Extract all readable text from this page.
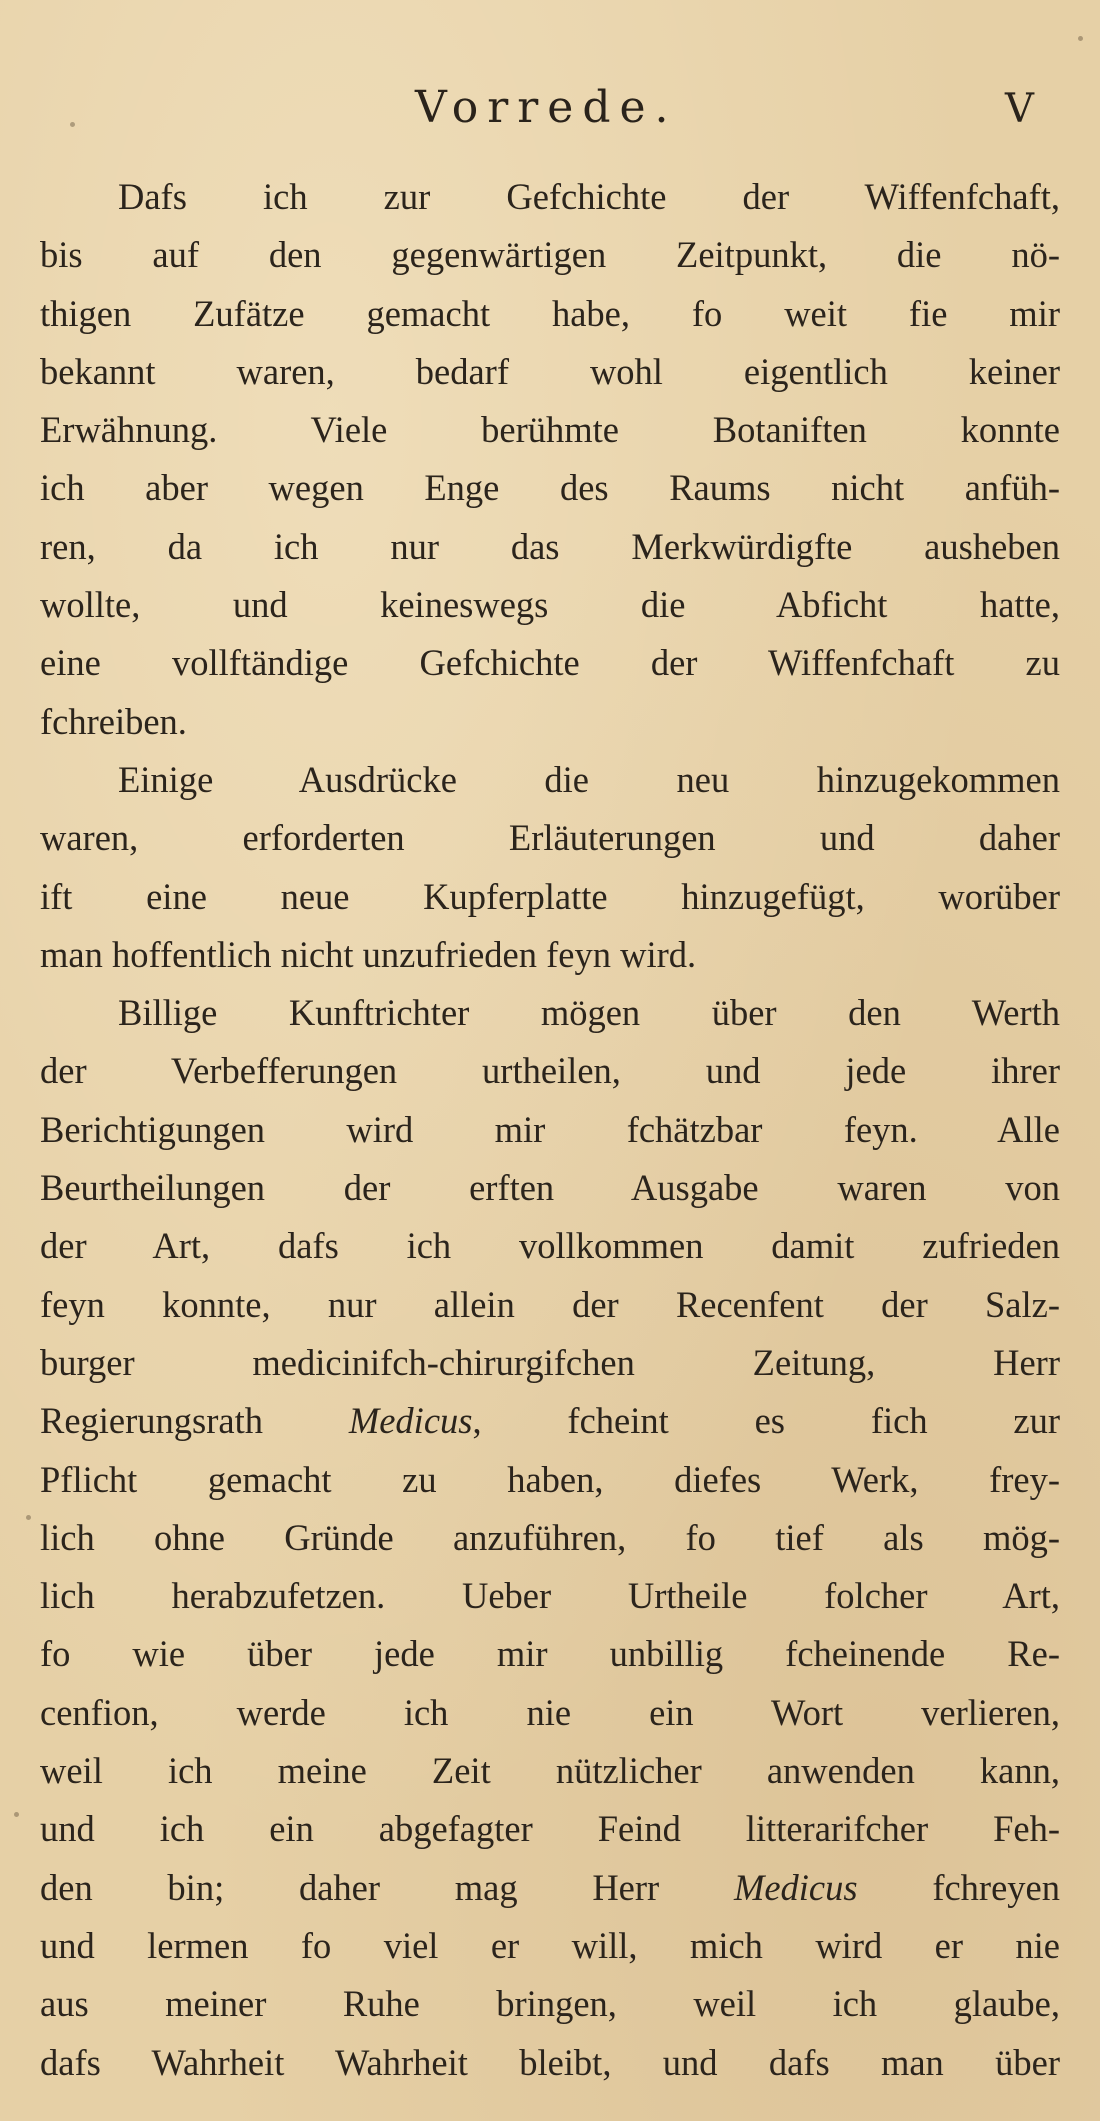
Vorrede.	V
Dafs ich zur Gefchichte der Wiffenfchaft,
bis auf den gegenwärtigen Zeitpunkt, die nö-
thigen Zufätze gemacht habe, fo weit fie mir
bekannt waren, bedarf wohl eigentlich keiner
Erwähnung. Viele berühmte Botaniften konnte
ich aber wegen Enge des Raums nicht anfüh-
ren, da ich nur das Merkwürdigfte ausheben
wollte, und keineswegs die Abficht hatte,
eine vollftändige Gefchichte der Wiffenfchaft zu
fchreiben.
Einige Ausdrücke die neu hinzugekommen
waren, erforderten Erläuterungen und daher
ift eine neue Kupferplatte hinzugefügt, worüber
man hoffentlich nicht unzufrieden feyn wird.
Billige Kunftrichter mögen über den Werth
der Verbefferungen urtheilen, und jede ihrer
Berichtigungen wird mir fchätzbar feyn. Alle
Beurtheilungen der erften Ausgabe waren von
der Art, dafs ich vollkommen damit zufrieden
feyn konnte, nur allein der Recenfent der Salz-
burger medicinifch-chirurgifchen Zeitung, Herr
Regierungsrath Medicus, fcheint es fich zur
Pflicht gemacht zu haben, diefes Werk, frey-
lich ohne Gründe anzuführen, fo tief als mög-
lich herabzufetzen. Ueber Urtheile folcher Art,
fo wie über jede mir unbillig fcheinende Re-
cenfion, werde ich nie ein Wort verlieren,
weil ich meine Zeit nützlicher anwenden kann,
und ich ein abgefagter Feind litterarifcher Feh-
den bin; daher mag Herr Medicus fchreyen
und lermen fo viel er will, mich wird er nie
aus meiner Ruhe bringen, weil ich glaube,
dafs Wahrheit Wahrheit bleibt, und dafs man über
